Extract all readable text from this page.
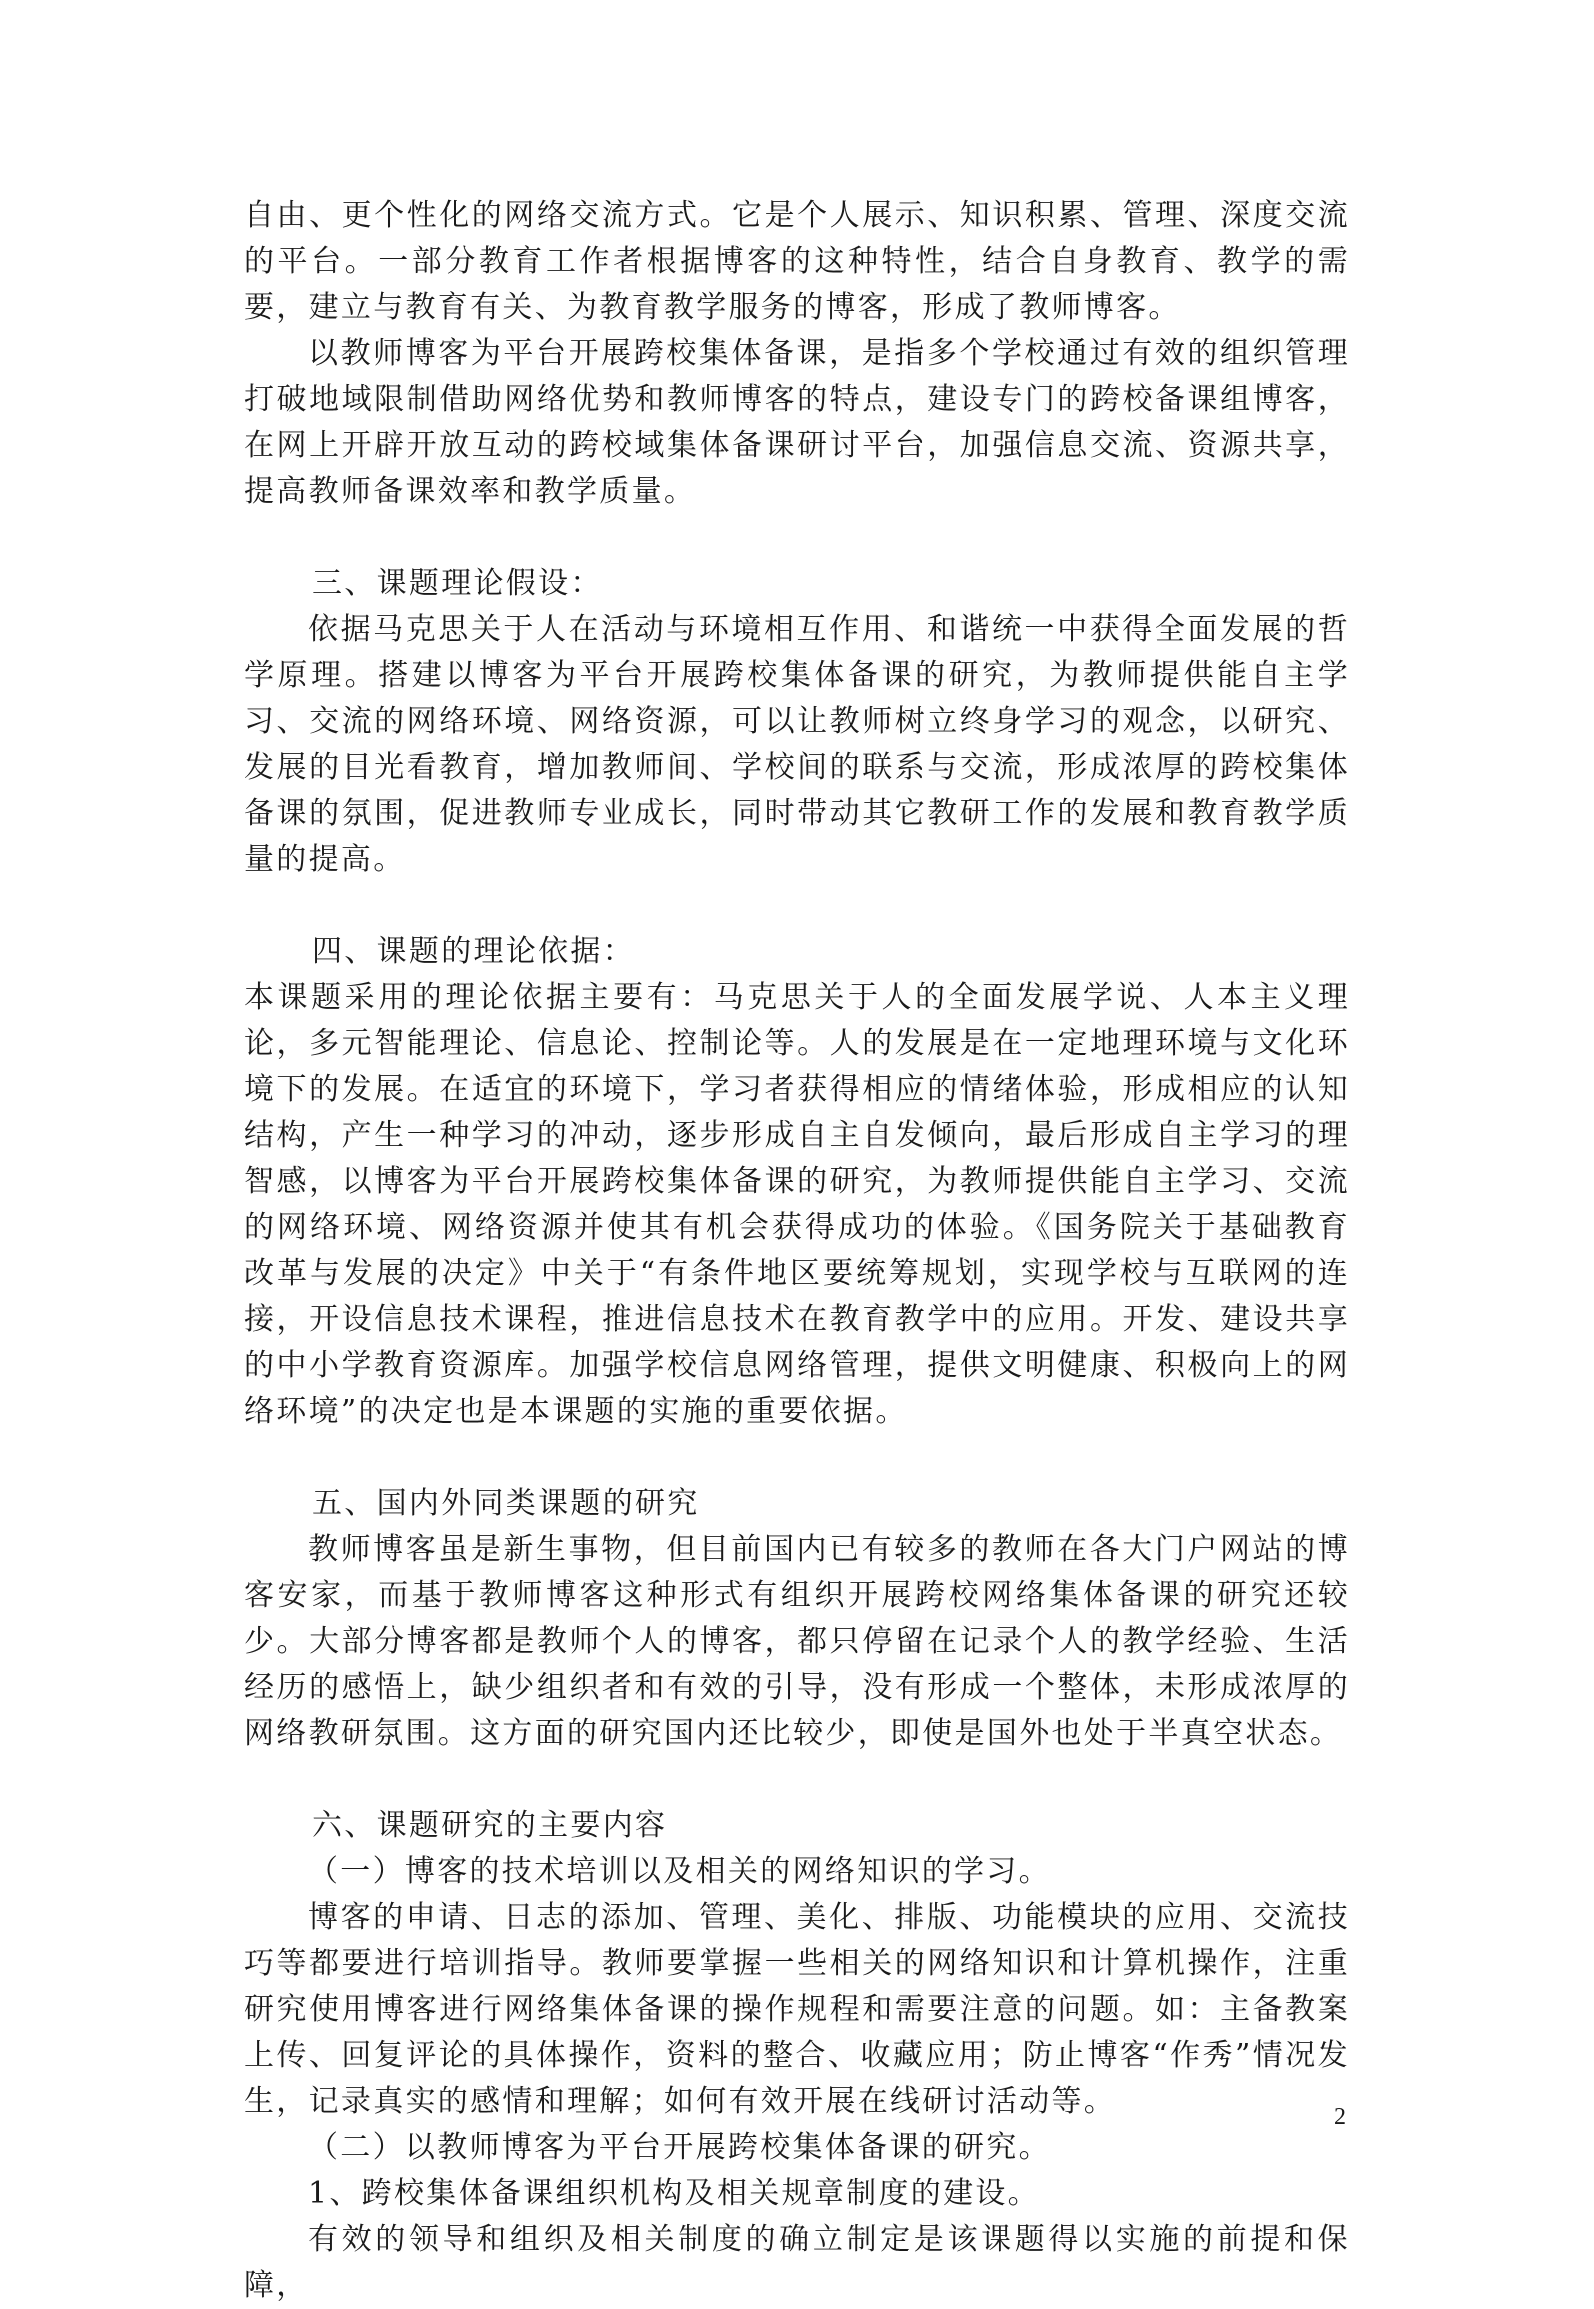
自由、更个性化的网络交流方式。它是个人展示、知识积累、管理、深度交流的平台。一部分教育工作者根据博客的这种特性，结合自身教育、教学的需要，建立与教育有关、为教育教学服务的博客，形成了教师博客。

以教师博客为平台开展跨校集体备课，是指多个学校通过有效的组织管理打破地域限制借助网络优势和教师博客的特点，建设专门的跨校备课组博客，在网上开辟开放互动的跨校域集体备课研讨平台，加强信息交流、资源共享，提高教师备课效率和教学质量。

三、课题理论假设：

依据马克思关于人在活动与环境相互作用、和谐统一中获得全面发展的哲学原理。搭建以博客为平台开展跨校集体备课的研究，为教师提供能自主学习、交流的网络环境、网络资源，可以让教师树立终身学习的观念，以研究、发展的目光看教育，增加教师间、学校间的联系与交流，形成浓厚的跨校集体备课的氛围，促进教师专业成长，同时带动其它教研工作的发展和教育教学质量的提高。

四、课题的理论依据：

本课题采用的理论依据主要有：马克思关于人的全面发展学说、人本主义理论，多元智能理论、信息论、控制论等。人的发展是在一定地理环境与文化环境下的发展。在适宜的环境下，学习者获得相应的情绪体验，形成相应的认知结构，产生一种学习的冲动，逐步形成自主自发倾向，最后形成自主学习的理智感，以博客为平台开展跨校集体备课的研究，为教师提供能自主学习、交流的网络环境、网络资源并使其有机会获得成功的体验。《国务院关于基础教育改革与发展的决定》中关于“有条件地区要统筹规划，实现学校与互联网的连接，开设信息技术课程，推进信息技术在教育教学中的应用。开发、建设共享的中小学教育资源库。加强学校信息网络管理，提供文明健康、积极向上的网络环境”的决定也是本课题的实施的重要依据。

五、国内外同类课题的研究

教师博客虽是新生事物，但目前国内已有较多的教师在各大门户网站的博客安家，而基于教师博客这种形式有组织开展跨校网络集体备课的研究还较少。大部分博客都是教师个人的博客，都只停留在记录个人的教学经验、生活经历的感悟上，缺少组织者和有效的引导，没有形成一个整体，未形成浓厚的网络教研氛围。这方面的研究国内还比较少，即使是国外也处于半真空状态。

六、课题研究的主要内容

（一）博客的技术培训以及相关的网络知识的学习。

博客的申请、日志的添加、管理、美化、排版、功能模块的应用、交流技巧等都要进行培训指导。教师要掌握一些相关的网络知识和计算机操作，注重研究使用博客进行网络集体备课的操作规程和需要注意的问题。如：主备教案上传、回复评论的具体操作，资料的整合、收藏应用；防止博客“作秀”情况发生，记录真实的感情和理解；如何有效开展在线研讨活动等。

（二）以教师博客为平台开展跨校集体备课的研究。

1、跨校集体备课组织机构及相关规章制度的建设。

有效的领导和组织及相关制度的确立制定是该课题得以实施的前提和保障，

2
